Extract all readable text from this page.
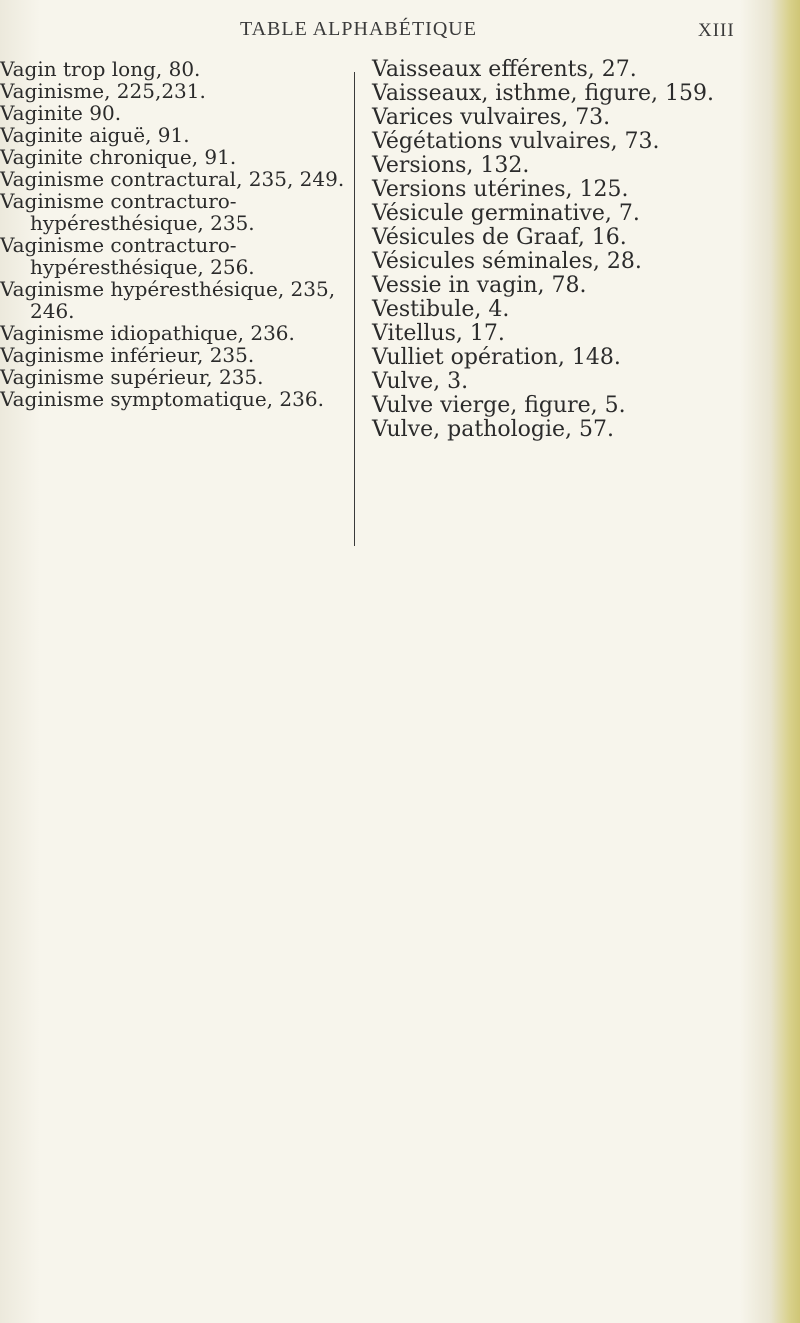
TABLE ALPHABÉTIQUE	XIII
Vagin trop long, 80.
Vaginisme, 225,231.
Vaginite 90.
Vaginite aiguë, 91.
Vaginite chronique, 91.
Vaginisme contractural, 235, 249.
Vaginisme contracturo-hypéresthésique, 235.
Vaginisme contracturo-hypéresthésique, 256.
Vaginisme hypéresthésique, 235, 246.
Vaginisme idiopathique, 236.
Vaginisme inférieur, 235.
Vaginisme supérieur, 235.
Vaginisme symptomatique, 236.
Vaisseaux efférents, 27.
Vaisseaux, isthme, figure, 159.
Varices vulvaires, 73.
Végétations vulvaires, 73.
Versions, 132.
Versions utérines, 125.
Vésicule germinative, 7.
Vésicules de Graaf, 16.
Vésicules séminales, 28.
Vessie in vagin, 78.
Vestibule, 4.
Vitellus, 17.
Vulliet opération, 148.
Vulve, 3.
Vulve vierge, figure, 5.
Vulve, pathologie, 57.
